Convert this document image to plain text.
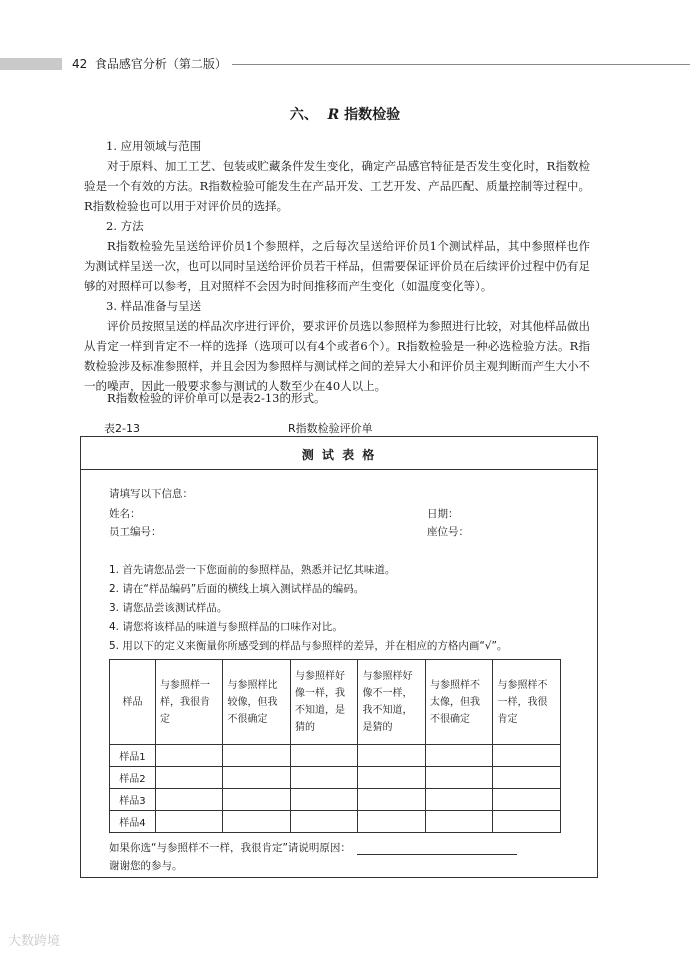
42 食品感官分析（第二版）
六、 R 指数检验

1. 应用领域与范围

对于原料、加工工艺、包装或贮藏条件发生变化，确定产品感官特征是否发生变化时，R指数检验是一个有效的方法。R指数检验可能发生在产品开发、工艺开发、产品匹配、质量控制等过程中。R指数检验也可以用于对评价员的选择。

2. 方法

R指数检验先呈送给评价员1个参照样，之后每次呈送给评价员1个测试样品，其中参照样也作为测试样呈送一次，也可以同时呈送给评价员若干样品，但需要保证评价员在后续评价过程中仍有足够的对照样可以参考，且对照样不会因为时间推移而产生变化（如温度变化等）。

3. 样品准备与呈送

评价员按照呈送的样品次序进行评价，要求评价员选以参照样为参照进行比较，对其他样品做出从肯定一样到肯定不一样的选择（选项可以有4个或者6个）。R指数检验是一种必选检验方法。R指数检验涉及标准参照样，并且会因为参照样与测试样之间的差异大小和评价员主观判断而产生大小不一的噪声，因此一般要求参与测试的人数至少在40人以上。

R指数检验的评价单可以是表2-13的形式。

表2-13	R指数检验评价单
测 试 表 格
请填写以下信息：
姓名：	日期：
员工编号：	座位号：
1. 首先请您品尝一下您面前的参照样品，熟悉并记忆其味道。
2. 请在“样品编码”后面的横线上填入测试样品的编码。
3. 请您品尝该测试样品。
4. 请您将该样品的味道与参照样品的口味作对比。
5. 用以下的定义来衡量你所感受到的样品与参照样的差异，并在相应的方格内画“√”。
样品	与参照样一样，我很肯定	与参照样比较像，但我不很确定	与参照样好像一样，我不知道，是猜的	与参照样好像不一样，我不知道，是猜的	与参照样不太像，但我不很确定	与参照样不一样，我很肯定
样品1						
样品2						
样品3						
样品4						
如果你选“与参照样不一样，我很肯定”请说明原因：
谢谢您的参与。
大数跨境
